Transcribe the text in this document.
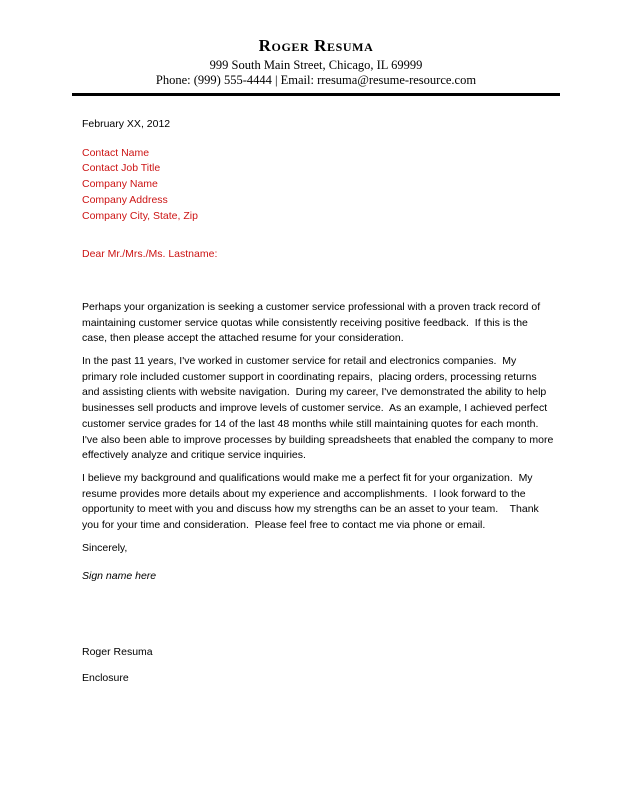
Roger Resuma
999 South Main Street, Chicago, IL 69999
Phone: (999) 555-4444 | Email: rresuma@resume-resource.com
February XX, 2012
Contact Name
Contact Job Title
Company Name
Company Address
Company City, State, Zip
Dear Mr./Mrs./Ms. Lastname:

Perhaps your organization is seeking a customer service professional with a proven track record of maintaining customer service quotas while consistently receiving positive feedback.  If this is the case, then please accept the attached resume for your consideration.

In the past 11 years, I've worked in customer service for retail and electronics companies.  My primary role included customer support in coordinating repairs,  placing orders, processing returns and assisting clients with website navigation.  During my career, I've demonstrated the ability to help businesses sell products and improve levels of customer service.  As an example, I achieved perfect customer service grades for 14 of the last 48 months while still maintaining quotes for each month.   I've also been able to improve processes by building spreadsheets that enabled the company to more effectively analyze and critique service inquiries.

I believe my background and qualifications would make me a perfect fit for your organization.  My resume provides more details about my experience and accomplishments.  I look forward to the opportunity to meet with you and discuss how my strengths can be an asset to your team.    Thank you for your time and consideration.  Please feel free to contact me via phone or email.

Sincerely,
Sign name here
Roger Resuma
Enclosure
